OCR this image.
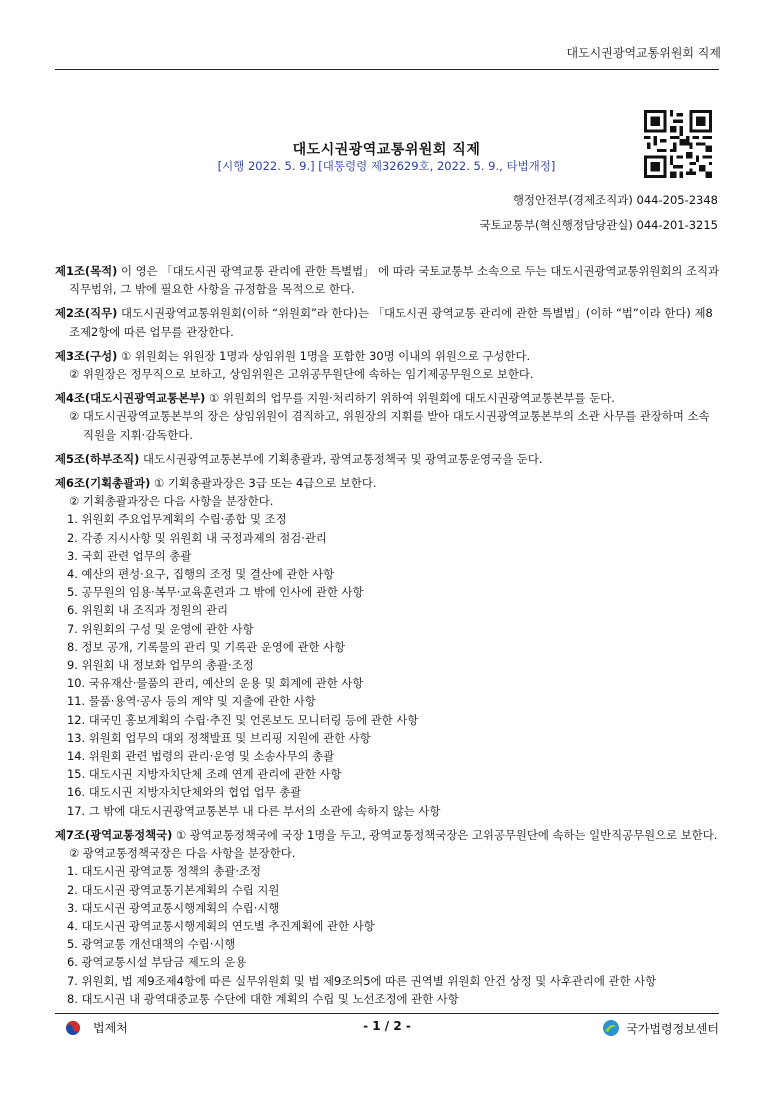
대도시권광역교통위원회 직제
대도시권광역교통위원회 직제
[시행 2022. 5. 9.] [대통령령 제32629호, 2022. 5. 9., 타법개정]
행정안전부(경제조직과) 044-205-2348
국토교통부(혁신행정담당관실) 044-201-3215

제1조(목적) 이 영은 「대도시권 광역교통 관리에 관한 특별법」 에 따라 국토교통부 소속으로 두는 대도시권광역교통위원회의 조직과 직무범위, 그 밖에 필요한 사항을 규정함을 목적으로 한다.

제2조(직무) 대도시권광역교통위원회(이하 “위원회”라 한다)는 「대도시권 광역교통 관리에 관한 특별법」(이하 “법”이라 한다) 제8조제2항에 따른 업무를 관장한다.

제3조(구성) ① 위원회는 위원장 1명과 상임위원 1명을 포함한 30명 이내의 위원으로 구성한다.

② 위원장은 정무직으로 보하고, 상임위원은 고위공무원단에 속하는 임기제공무원으로 보한다.

제4조(대도시권광역교통본부) ① 위원회의 업무를 지원·처리하기 위하여 위원회에 대도시권광역교통본부를 둔다.

② 대도시권광역교통본부의 장은 상임위원이 겸직하고, 위원장의 지휘를 받아 대도시권광역교통본부의 소관 사무를 관장하며 소속 직원을 지휘·감독한다.

제5조(하부조직) 대도시권광역교통본부에 기획총괄과, 광역교통정책국 및 광역교통운영국을 둔다.

제6조(기획총괄과) ① 기획총괄과장은 3급 또는 4급으로 보한다.

② 기획총괄과장은 다음 사항을 분장한다.

1. 위원회 주요업무계획의 수립·종합 및 조정

2. 각종 지시사항 및 위원회 내 국정과제의 점검·관리

3. 국회 관련 업무의 총괄

4. 예산의 편성·요구, 집행의 조정 및 결산에 관한 사항

5. 공무원의 임용·복무·교육훈련과 그 밖에 인사에 관한 사항

6. 위원회 내 조직과 정원의 관리

7. 위원회의 구성 및 운영에 관한 사항

8. 정보 공개, 기록물의 관리 및 기록관 운영에 관한 사항

9. 위원회 내 정보화 업무의 총괄·조정

10. 국유재산·물품의 관리, 예산의 운용 및 회계에 관한 사항

11. 물품·용역·공사 등의 계약 및 지출에 관한 사항

12. 대국민 홍보계획의 수립·추진 및 언론보도 모니터링 등에 관한 사항

13. 위원회 업무의 대외 정책발표 및 브리핑 지원에 관한 사항

14. 위원회 관련 법령의 관리·운영 및 소송사무의 총괄

15. 대도시권 지방자치단체 조례 연계 관리에 관한 사항

16. 대도시권 지방자치단체와의 협업 업무 총괄

17. 그 밖에 대도시권광역교통본부 내 다른 부서의 소관에 속하지 않는 사항

제7조(광역교통정책국) ① 광역교통정책국에 국장 1명을 두고, 광역교통정책국장은 고위공무원단에 속하는 일반직공무원으로 보한다.

② 광역교통정책국장은 다음 사항을 분장한다.

1. 대도시권 광역교통 정책의 총괄·조정

2. 대도시권 광역교통기본계획의 수립 지원

3. 대도시권 광역교통시행계획의 수립·시행

4. 대도시권 광역교통시행계획의 연도별 추진계획에 관한 사항

5. 광역교통 개선대책의 수립·시행

6. 광역교통시설 부담금 제도의 운용

7. 위원회, 법 제9조제4항에 따른 실무위원회 및 법 제9조의5에 따른 권역별 위원회 안건 상정 및 사후관리에 관한 사항

8. 대도시권 내 광역대중교통 수단에 대한 계획의 수립 및 노선조정에 관한 사항

법제처	- 1 / 2 -	국가법령정보센터
